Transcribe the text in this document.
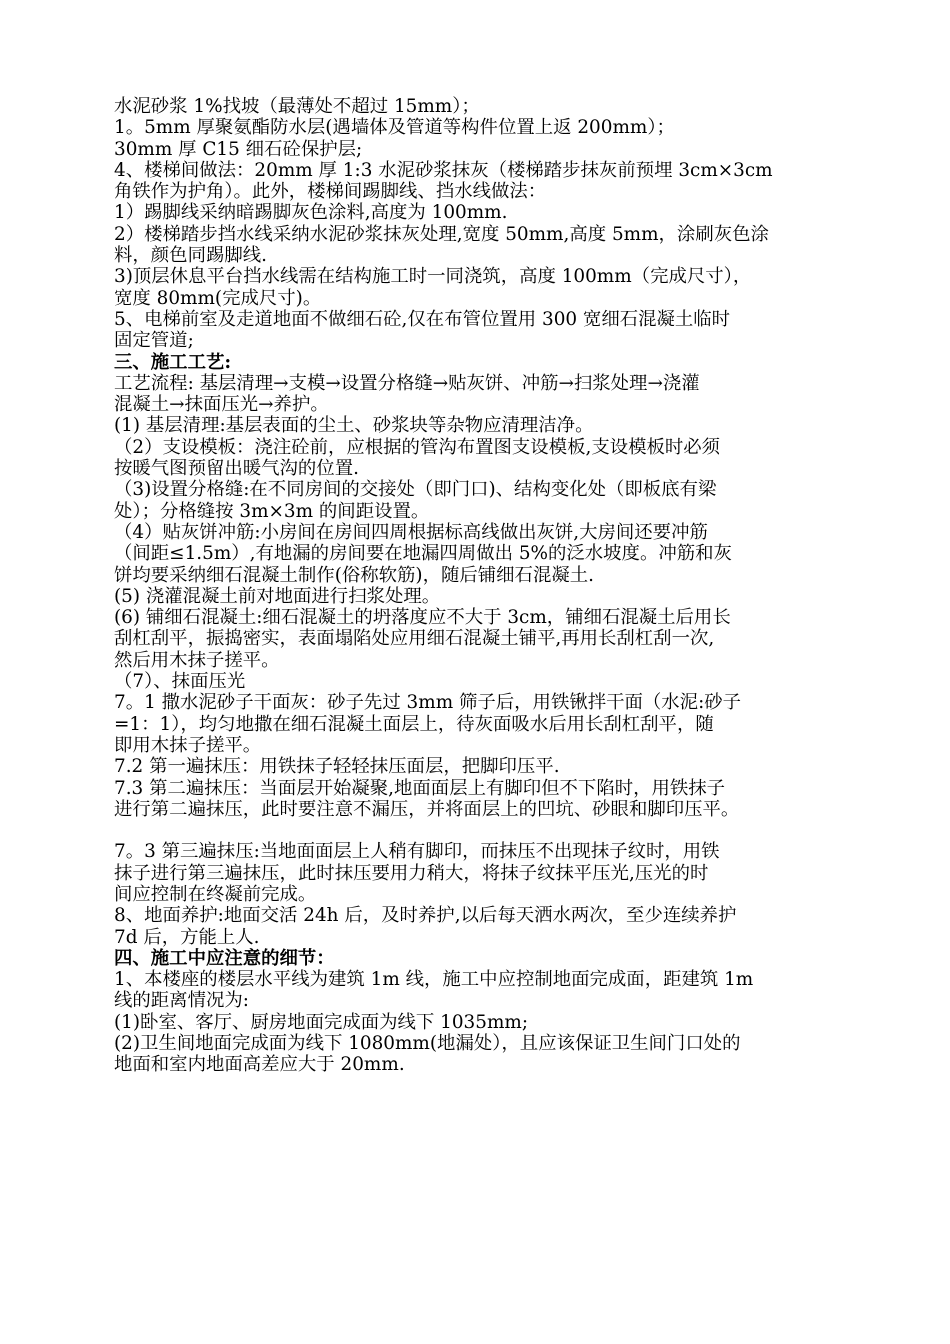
水泥砂浆 1%找坡（最薄处不超过 15mm）；
1。5mm 厚聚氨酯防水层(遇墙体及管道等构件位置上返 200mm）；
30mm 厚 C15 细石砼保护层;
4、楼梯间做法：20mm 厚 1:3 水泥砂浆抹灰（楼梯踏步抹灰前预埋 3cm×3cm
角铁作为护角）。此外，楼梯间踢脚线、挡水线做法：
1）踢脚线采纳暗踢脚灰色涂料,高度为 100mm.
2）楼梯踏步挡水线采纳水泥砂浆抹灰处理,宽度 50mm,高度 5mm，涂刷灰色涂
料，颜色同踢脚线.
3)顶层休息平台挡水线需在结构施工时一同浇筑，高度 100mm（完成尺寸），
宽度 80mm(完成尺寸)。
5、电梯前室及走道地面不做细石砼,仅在布管位置用 300 宽细石混凝土临时
固定管道;
三、施工工艺:
工艺流程: 基层清理→支模→设置分格缝→贴灰饼、冲筋→扫浆处理→浇灌
混凝土→抹面压光→养护。
(1) 基层清理:基层表面的尘土、砂浆块等杂物应清理洁净。
（2）支设模板：浇注砼前，应根据的管沟布置图支设模板,支设模板时必须
按暖气图预留出暖气沟的位置.
（3)设置分格缝:在不同房间的交接处（即门口)、结构变化处（即板底有梁
处）；分格缝按 3m×3m 的间距设置。
（4）贴灰饼冲筋:小房间在房间四周根据标高线做出灰饼,大房间还要冲筋
（间距≤1.5m）,有地漏的房间要在地漏四周做出 5%的泛水坡度。冲筋和灰
饼均要采纳细石混凝土制作(俗称软筋)，随后铺细石混凝土.
(5) 浇灌混凝土前对地面进行扫浆处理。
(6) 铺细石混凝土:细石混凝土的坍落度应不大于 3cm，铺细石混凝土后用长
刮杠刮平，振捣密实，表面塌陷处应用细石混凝土铺平,再用长刮杠刮一次,
然后用木抹子搓平。
（7）、抹面压光
7。1 撒水泥砂子干面灰：砂子先过 3mm 筛子后，用铁锹拌干面（水泥:砂子
=1：1），均匀地撒在细石混凝土面层上，待灰面吸水后用长刮杠刮平，随
即用木抹子搓平。
7.2 第一遍抹压：用铁抹子轻轻抹压面层，把脚印压平.
7.3 第二遍抹压：当面层开始凝聚,地面面层上有脚印但不下陷时，用铁抹子
进行第二遍抹压，此时要注意不漏压，并将面层上的凹坑、砂眼和脚印压平。
7。3 第三遍抹压:当地面面层上人稍有脚印，而抹压不出现抹子纹时，用铁
抹子进行第三遍抹压，此时抹压要用力稍大，将抹子纹抹平压光,压光的时
间应控制在终凝前完成。
8、地面养护:地面交活 24h 后，及时养护,以后每天洒水两次，至少连续养护
7d 后，方能上人.
四、施工中应注意的细节：
1、本楼座的楼层水平线为建筑 1m 线，施工中应控制地面完成面，距建筑 1m
线的距离情况为:
(1)卧室、客厅、厨房地面完成面为线下 1035mm;
(2)卫生间地面完成面为线下 1080mm(地漏处），且应该保证卫生间门口处的
地面和室内地面高差应大于 20mm.
